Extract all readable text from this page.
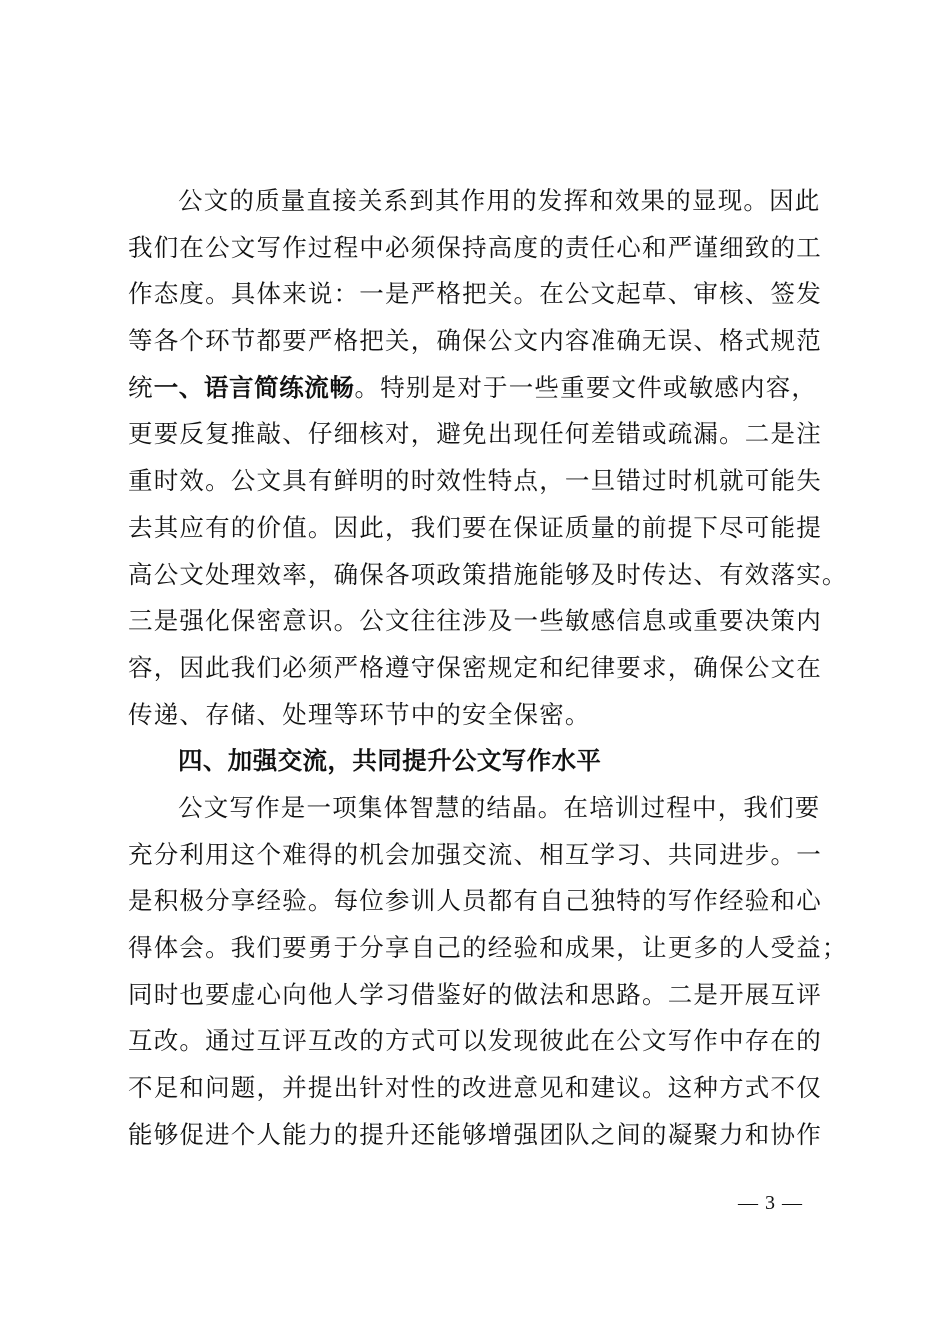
公文的质量直接关系到其作用的发挥和效果的显现。因此
我们在公文写作过程中必须保持高度的责任心和严谨细致的工
作态度。具体来说：一是严格把关。在公文起草、审核、签发
等各个环节都要严格把关，确保公文内容准确无误、格式规范
统一、语言简练流畅。特别是对于一些重要文件或敏感内容，
更要反复推敲、仔细核对，避免出现任何差错或疏漏。二是注
重时效。公文具有鲜明的时效性特点，一旦错过时机就可能失
去其应有的价值。因此，我们要在保证质量的前提下尽可能提
高公文处理效率，确保各项政策措施能够及时传达、有效落实。
三是强化保密意识。公文往往涉及一些敏感信息或重要决策内
容，因此我们必须严格遵守保密规定和纪律要求，确保公文在
传递、存储、处理等环节中的安全保密。
四、加强交流，共同提升公文写作水平
公文写作是一项集体智慧的结晶。在培训过程中，我们要
充分利用这个难得的机会加强交流、相互学习、共同进步。一
是积极分享经验。每位参训人员都有自己独特的写作经验和心
得体会。我们要勇于分享自己的经验和成果，让更多的人受益；
同时也要虚心向他人学习借鉴好的做法和思路。二是开展互评
互改。通过互评互改的方式可以发现彼此在公文写作中存在的
不足和问题，并提出针对性的改进意见和建议。这种方式不仅
能够促进个人能力的提升还能够增强团队之间的凝聚力和协作
— 3 —
